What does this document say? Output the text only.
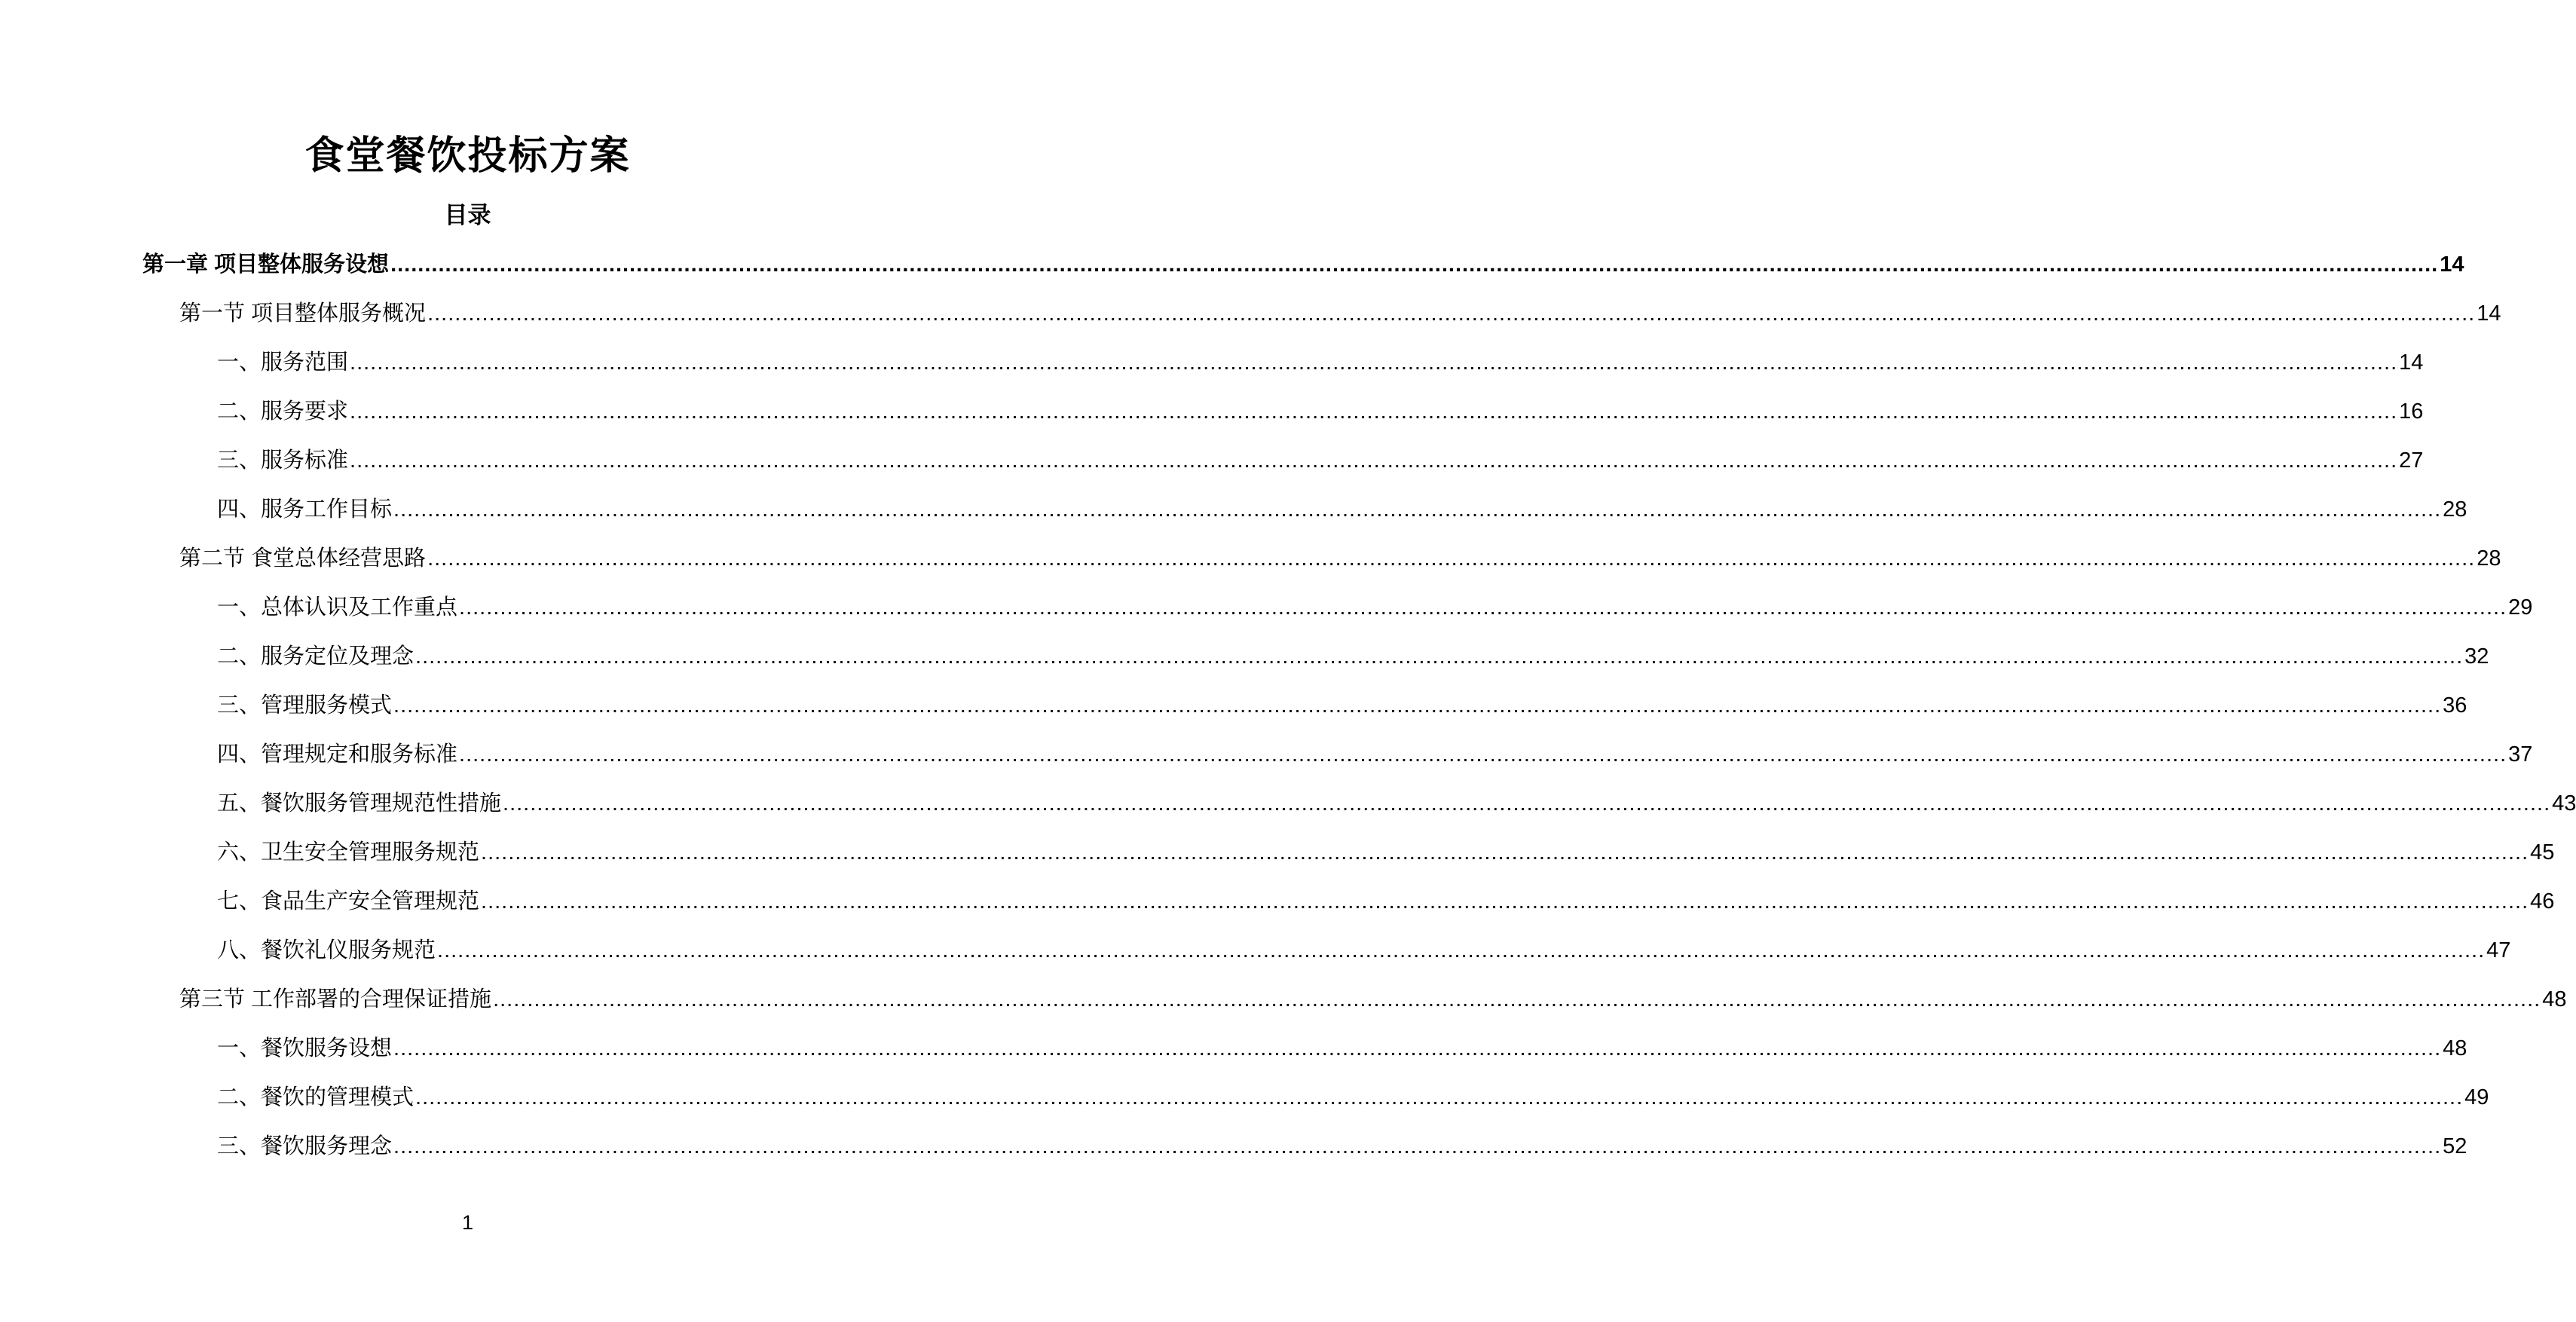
食堂餐饮投标方案
目录
第一章 项目整体服务设想 ............................................................................................................................................................................................................................................................................................................ 14
第一节 项目整体服务概况 ............................................................................................................................................................................................................................................................................................................ 14
一、服务范围 ............................................................................................................................................................................................................................................................................................................ 14
二、服务要求 ............................................................................................................................................................................................................................................................................................................ 16
三、服务标准 ............................................................................................................................................................................................................................................................................................................ 27
四、服务工作目标 ............................................................................................................................................................................................................................................................................................................ 28
第二节 食堂总体经营思路 ............................................................................................................................................................................................................................................................................................................ 28
一、总体认识及工作重点 ............................................................................................................................................................................................................................................................................................................ 29
二、服务定位及理念 ............................................................................................................................................................................................................................................................................................................ 32
三、管理服务模式 ............................................................................................................................................................................................................................................................................................................ 36
四、管理规定和服务标准 ............................................................................................................................................................................................................................................................................................................ 37
五、餐饮服务管理规范性措施 ............................................................................................................................................................................................................................................................................................................ 43
六、卫生安全管理服务规范 ............................................................................................................................................................................................................................................................................................................ 45
七、食品生产安全管理规范 ............................................................................................................................................................................................................................................................................................................ 46
八、餐饮礼仪服务规范 ............................................................................................................................................................................................................................................................................................................ 47
第三节 工作部署的合理保证措施 ............................................................................................................................................................................................................................................................................................................ 48
一、餐饮服务设想 ............................................................................................................................................................................................................................................................................................................ 48
二、餐饮的管理模式 ............................................................................................................................................................................................................................................................................................................ 49
三、餐饮服务理念 ............................................................................................................................................................................................................................................................................................................ 52
1
